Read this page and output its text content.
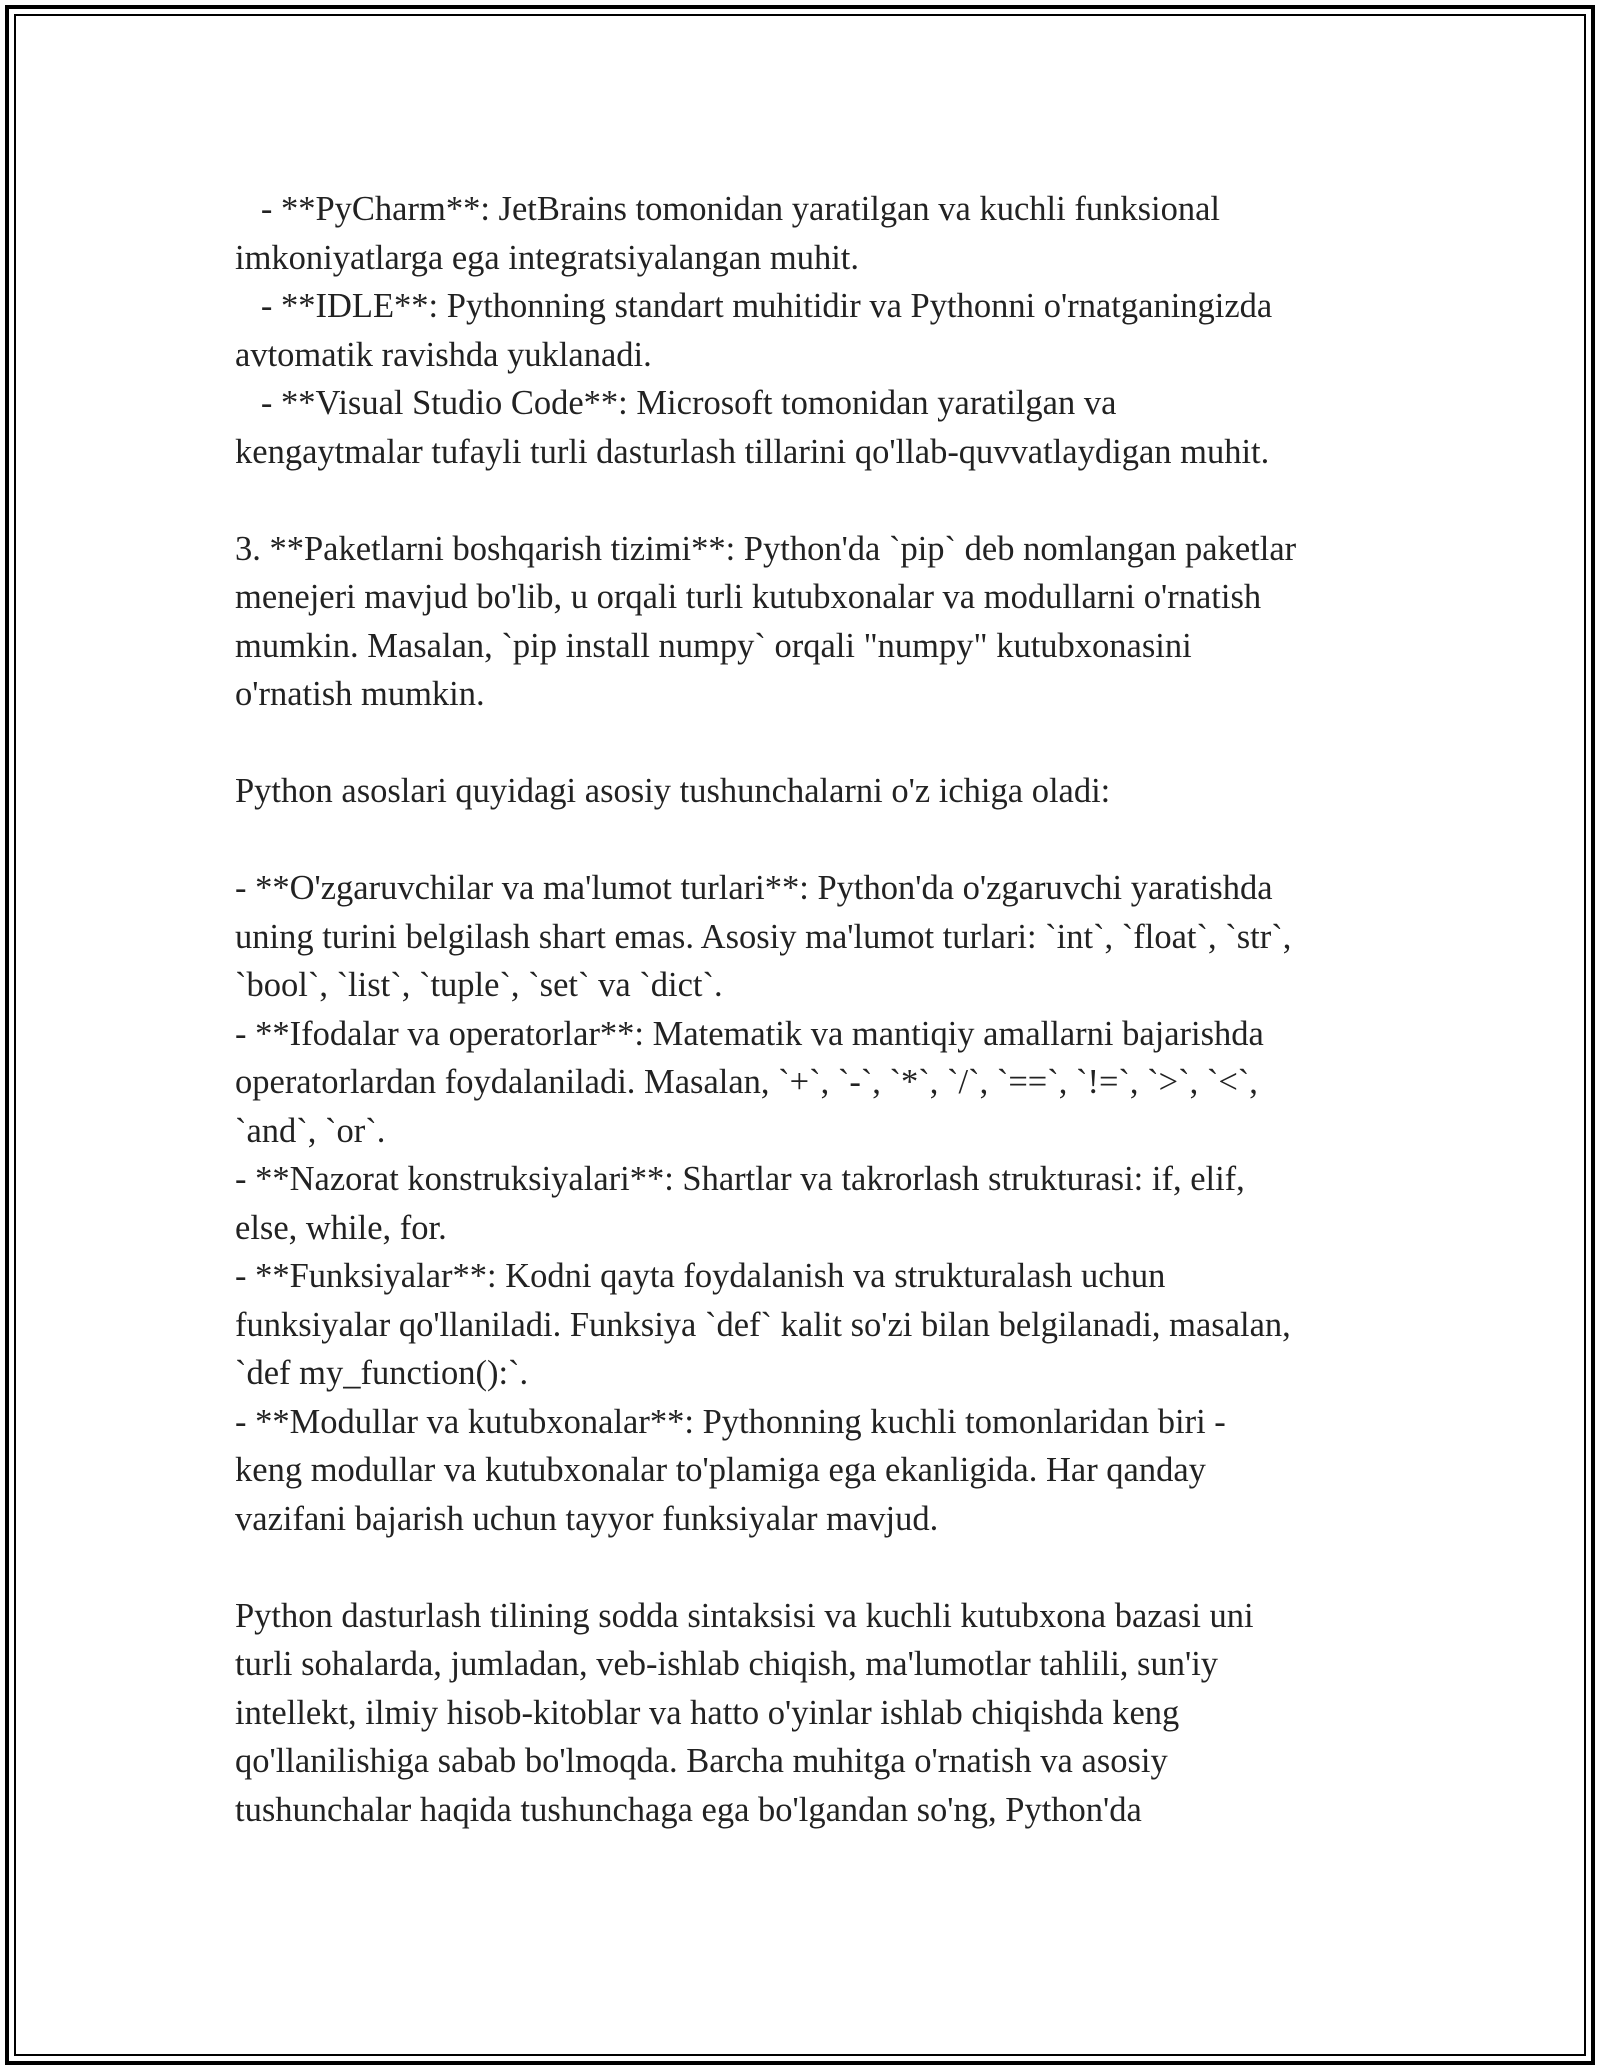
- **PyCharm**: JetBrains tomonidan yaratilgan va kuchli funksional
imkoniyatlarga ega integratsiyalangan muhit.
- **IDLE**: Pythonning standart muhitidir va Pythonni o'rnatganingizda
avtomatik ravishda yuklanadi.
- **Visual Studio Code**: Microsoft tomonidan yaratilgan va
kengaytmalar tufayli turli dasturlash tillarini qo'llab-quvvatlaydigan muhit.
3. **Paketlarni boshqarish tizimi**: Python'da `pip` deb nomlangan paketlar
menejeri mavjud bo'lib, u orqali turli kutubxonalar va modullarni o'rnatish
mumkin. Masalan, `pip install numpy` orqali "numpy" kutubxonasini
o'rnatish mumkin.
Python asoslari quyidagi asosiy tushunchalarni o'z ichiga oladi:
- **O'zgaruvchilar va ma'lumot turlari**: Python'da o'zgaruvchi yaratishda
uning turini belgilash shart emas. Asosiy ma'lumot turlari: `int`, `float`, `str`,
`bool`, `list`, `tuple`, `set` va `dict`.
- **Ifodalar va operatorlar**: Matematik va mantiqiy amallarni bajarishda
operatorlardan foydalaniladi. Masalan, `+`, `-`, `*`, `/`, `==`, `!=`, `>`, `<`,
`and`, `or`.
- **Nazorat konstruksiyalari**: Shartlar va takrorlash strukturasi: if, elif,
else, while, for.
- **Funksiyalar**: Kodni qayta foydalanish va strukturalash uchun
funksiyalar qo'llaniladi. Funksiya `def` kalit so'zi bilan belgilanadi, masalan,
`def my_function():`.
- **Modullar va kutubxonalar**: Pythonning kuchli tomonlaridan biri -
keng modullar va kutubxonalar to'plamiga ega ekanligida. Har qanday
vazifani bajarish uchun tayyor funksiyalar mavjud.
Python dasturlash tilining sodda sintaksisi va kuchli kutubxona bazasi uni
turli sohalarda, jumladan, veb-ishlab chiqish, ma'lumotlar tahlili, sun'iy
intellekt, ilmiy hisob-kitoblar va hatto o'yinlar ishlab chiqishda keng
qo'llanilishiga sabab bo'lmoqda. Barcha muhitga o'rnatish va asosiy
tushunchalar haqida tushunchaga ega bo'lgandan so'ng, Python'da
